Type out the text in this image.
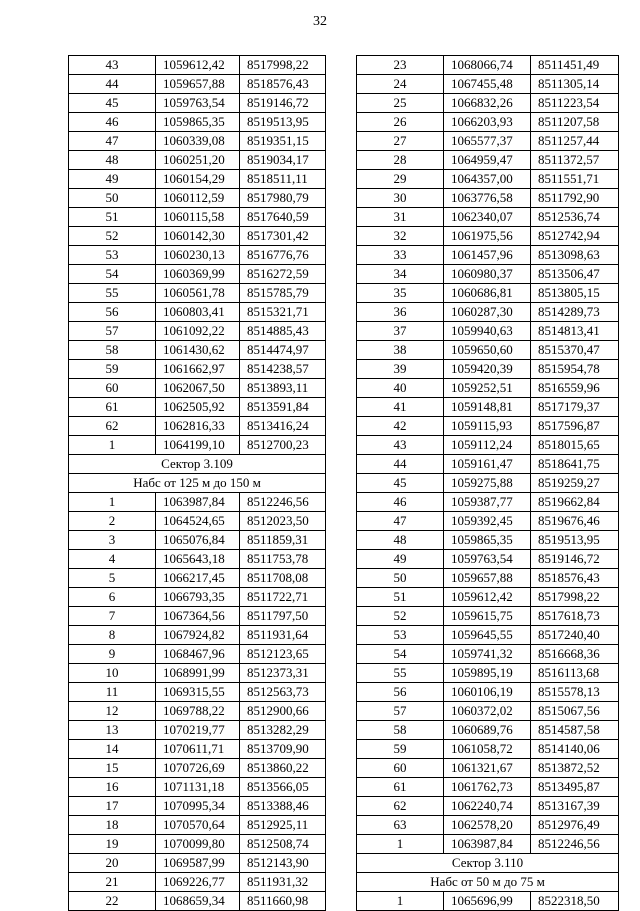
32
43	1059612,42	8517998,22
44	1059657,88	8518576,43
45	1059763,54	8519146,72
46	1059865,35	8519513,95
47	1060339,08	8519351,15
48	1060251,20	8519034,17
49	1060154,29	8518511,11
50	1060112,59	8517980,79
51	1060115,58	8517640,59
52	1060142,30	8517301,42
53	1060230,13	8516776,76
54	1060369,99	8516272,59
55	1060561,78	8515785,79
56	1060803,41	8515321,71
57	1061092,22	8514885,43
58	1061430,62	8514474,97
59	1061662,97	8514238,57
60	1062067,50	8513893,11
61	1062505,92	8513591,84
62	1062816,33	8513416,24
1	1064199,10	8512700,23
Сектор 3.109		
Набс от 125 м до 150 м		
1	1063987,84	8512246,56
2	1064524,65	8512023,50
3	1065076,84	8511859,31
4	1065643,18	8511753,78
5	1066217,45	8511708,08
6	1066793,35	8511722,71
7	1067364,56	8511797,50
8	1067924,82	8511931,64
9	1068467,96	8512123,65
10	1068991,99	8512373,31
11	1069315,55	8512563,73
12	1069788,22	8512900,66
13	1070219,77	8513282,29
14	1070611,71	8513709,90
15	1070726,69	8513860,22
16	1071131,18	8513566,05
17	1070995,34	8513388,46
18	1070570,64	8512925,11
19	1070099,80	8512508,74
20	1069587,99	8512143,90
21	1069226,77	8511931,32
22	1068659,34	8511660,98
23	1068066,74	8511451,49
24	1067455,48	8511305,14
25	1066832,26	8511223,54
26	1066203,93	8511207,58
27	1065577,37	8511257,44
28	1064959,47	8511372,57
29	1064357,00	8511551,71
30	1063776,58	8511792,90
31	1062340,07	8512536,74
32	1061975,56	8512742,94
33	1061457,96	8513098,63
34	1060980,37	8513506,47
35	1060686,81	8513805,15
36	1060287,30	8514289,73
37	1059940,63	8514813,41
38	1059650,60	8515370,47
39	1059420,39	8515954,78
40	1059252,51	8516559,96
41	1059148,81	8517179,37
42	1059115,93	8517596,87
43	1059112,24	8518015,65
44	1059161,47	8518641,75
45	1059275,88	8519259,27
46	1059387,77	8519662,84
47	1059392,45	8519676,46
48	1059865,35	8519513,95
49	1059763,54	8519146,72
50	1059657,88	8518576,43
51	1059612,42	8517998,22
52	1059615,75	8517618,73
53	1059645,55	8517240,40
54	1059741,32	8516668,36
55	1059895,19	8516113,68
56	1060106,19	8515578,13
57	1060372,02	8515067,56
58	1060689,76	8514587,58
59	1061058,72	8514140,06
60	1061321,67	8513872,52
61	1061762,73	8513495,87
62	1062240,74	8513167,39
63	1062578,20	8512976,49
1	1063987,84	8512246,56
Сектор 3.110		
Набс от 50 м до 75 м		
1	1065696,99	8522318,50
